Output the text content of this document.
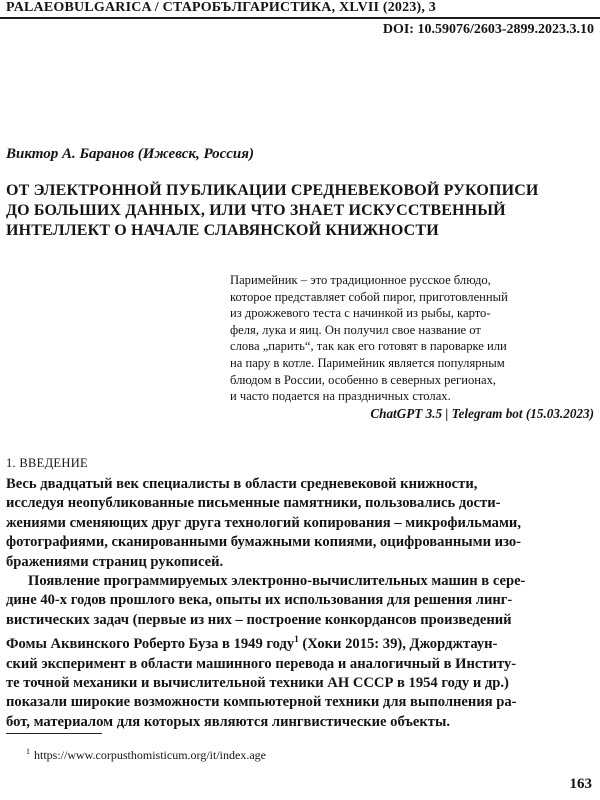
PALAEOBULGARICA / СТАРОБЪЛГАРИСТИКА, XLVII (2023), 3
DOI: 10.59076/2603-2899.2023.3.10
Виктор А. Баранов (Ижевск, Россия)
ОТ ЭЛЕКТРОННОЙ ПУБЛИКАЦИИ СРЕДНЕВЕКОВОЙ РУКОПИСИ
ДО БОЛЬШИХ ДАННЫХ, ИЛИ ЧТО ЗНАЕТ ИСКУССТВЕННЫЙ
ИНТЕЛЛЕКТ О НАЧАЛЕ СЛАВЯНСКОЙ КНИЖНОСТИ
Паримейник – это традиционное русское блюдо,
которое представляет собой пирог, приготовленный
из дрожжевого теста с начинкой из рыбы, карто-
феля, лука и яиц. Он получил свое название от
слова „парить“, так как его готовят в пароварке или
на пару в котле. Паримейник является популярным
блюдом в России, особенно в северных регионах,
и часто подается на праздничных столах.
ChatGPT 3.5 | Telegram bot (15.03.2023)
1. ВВЕДЕНИЕ
Весь двадцатый век специалисты в области средневековой книжности,
исследуя неопубликованные письменные памятники, пользовались дости-
жениями сменяющих друг друга технологий копирования – микрофильмами,
фотографиями, сканированными бумажными копиями, оцифрованными изо-
бражениями страниц рукописей.
Появление программируемых электронно-вычислительных машин в сере-
дине 40-х годов прошлого века, опыты их использования для решения линг-
вистических задач (первые из них – построение конкордансов произведений
Фомы Аквинского Роберто Буза в 1949 году$^1$ (Хоки 2015: 39), Джорджтаун-
ский эксперимент в области машинного перевода и аналогичный в Институ-
те точной механики и вычислительной техники АН СССР в 1954 году и др.)
показали широкие возможности компьютерной техники для выполнения ра-
бот, материалом для которых являются лингвистические объекты.
$^1$ https://www.corpusthomisticum.org/it/index.age
163
